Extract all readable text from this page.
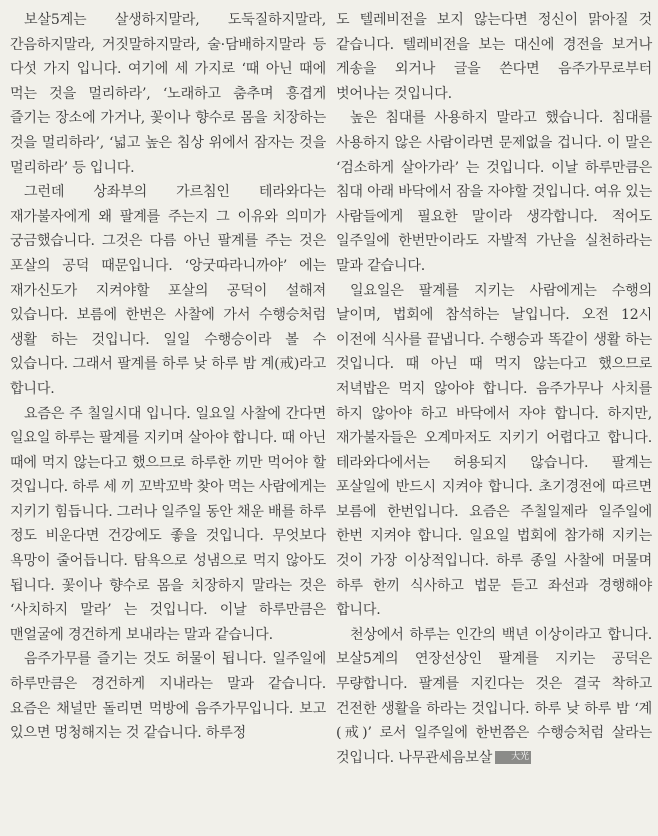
보살5계는 살생하지말라, 도둑질하지말라, 간음하지말라, 거짓말하지말라, 술·담배하지말라 등 다섯 가지 입니다. 여기에 세 가지로 ‘때 아닌 때에 먹는 것을 멀리하라’, ‘노래하고 춤추며 흥겹게 즐기는 장소에 가거나, 꽃이나 향수로 몸을 치장하는 것을 멀리하라’, ‘넓고 높은 침상 위에서 잠자는 것을 멀리하라’ 등 입니다.

그런데 상좌부의 가르침인 테라와다는 재가불자에게 왜 팔계를 주는지 그 이유와 의미가 궁금했습니다. 그것은 다름 아닌 팔계를 주는 것은 포살의 공덕 때문입니다. ‘앙굿따라니까야’ 에는 재가신도가 지켜야할 포살의 공덕이 설해져 있습니다. 보름에 한번은 사찰에 가서 수행승처럼 생활 하는 것입니다. 일일 수행승이라 볼 수 있습니다. 그래서 팔계를 하루 낮 하루 밤 계(戒)라고 합니다.

요즘은 주 칠일시대 입니다. 일요일 사찰에 간다면 일요일 하루는 팔계를 지키며 살아야 합니다. 때 아닌 때에 먹지 않는다고 했으므로 하루한 끼만 먹어야 할 것입니다. 하루 세 끼 꼬박꼬박 찾아 먹는 사람에게는 지키기 힘듭니다. 그러나 일주일 동안 채운 배를 하루 정도 비운다면 건강에도 좋을 것입니다. 무엇보다 욕망이 줄어듭니다. 탐욕으로 성냄으로 먹지 않아도 됩니다. 꽃이나 향수로 몸을 치장하지 말라는 것은 ‘사치하지 말라’ 는 것입니다. 이날 하루만큼은 맨얼굴에 경건하게 보내라는 말과 같습니다.

음주가무를 즐기는 것도 허물이 됩니다. 일주일에 하루만큼은 경건하게 지내라는 말과 같습니다. 요즘은 채널만 돌리면 먹방에 음주가무입니다. 보고 있으면 멍청해지는 것 같습니다. 하루정

도 텔레비전을 보지 않는다면 정신이 맑아질 것 같습니다. 텔레비전을 보는 대신에 경전을 보거나 게송을 외거나 글을 쓴다면 음주가무로부터 벗어나는 것입니다.

높은 침대를 사용하지 말라고 했습니다. 침대를 사용하지 않은 사람이라면 문제없을 겁니다. 이 말은 ‘검소하게 살아가라’ 는 것입니다. 이날 하루만큼은 침대 아래 바닥에서 잠을 자야할 것입니다. 여유 있는 사람들에게 필요한 말이라 생각합니다. 적어도 일주일에 한번만이라도 자발적 가난을 실천하라는 말과 같습니다.

일요일은 팔계를 지키는 사람에게는 수행의 날이며, 법회에 참석하는 날입니다. 오전 12시 이전에 식사를 끝냅니다. 수행승과 똑같이 생활 하는 것입니다. 때 아닌 때 먹지 않는다고 했으므로 저녁밥은 먹지 않아야 합니다. 음주가무나 사치를 하지 않아야 하고 바닥에서 자야 합니다. 하지만, 재가불자들은 오계마저도 지키기 어렵다고 합니다. 테라와다에서는 허용되지 않습니다. 팔계는 포살일에 반드시 지켜야 합니다. 초기경전에 따르면 보름에 한번입니다. 요즘은 주칠일제라 일주일에 한번 지켜야 합니다. 일요일 법회에 참가해 지키는 것이 가장 이상적입니다. 하루 종일 사찰에 머물며 하루 한끼 식사하고 법문 듣고 좌선과 경행해야 합니다.

천상에서 하루는 인간의 백년 이상이라고 합니다. 보살5계의 연장선상인 팔계를 지키는 공덕은 무량합니다. 팔계를 지킨다는 것은 결국 착하고 건전한 생활을 하라는 것입니다. 하루 낮 하루 밤 ‘계(戒)’ 로서 일주일에 한번쯤은 수행승처럼 살라는 것입니다. 나무관세음보살 大光
